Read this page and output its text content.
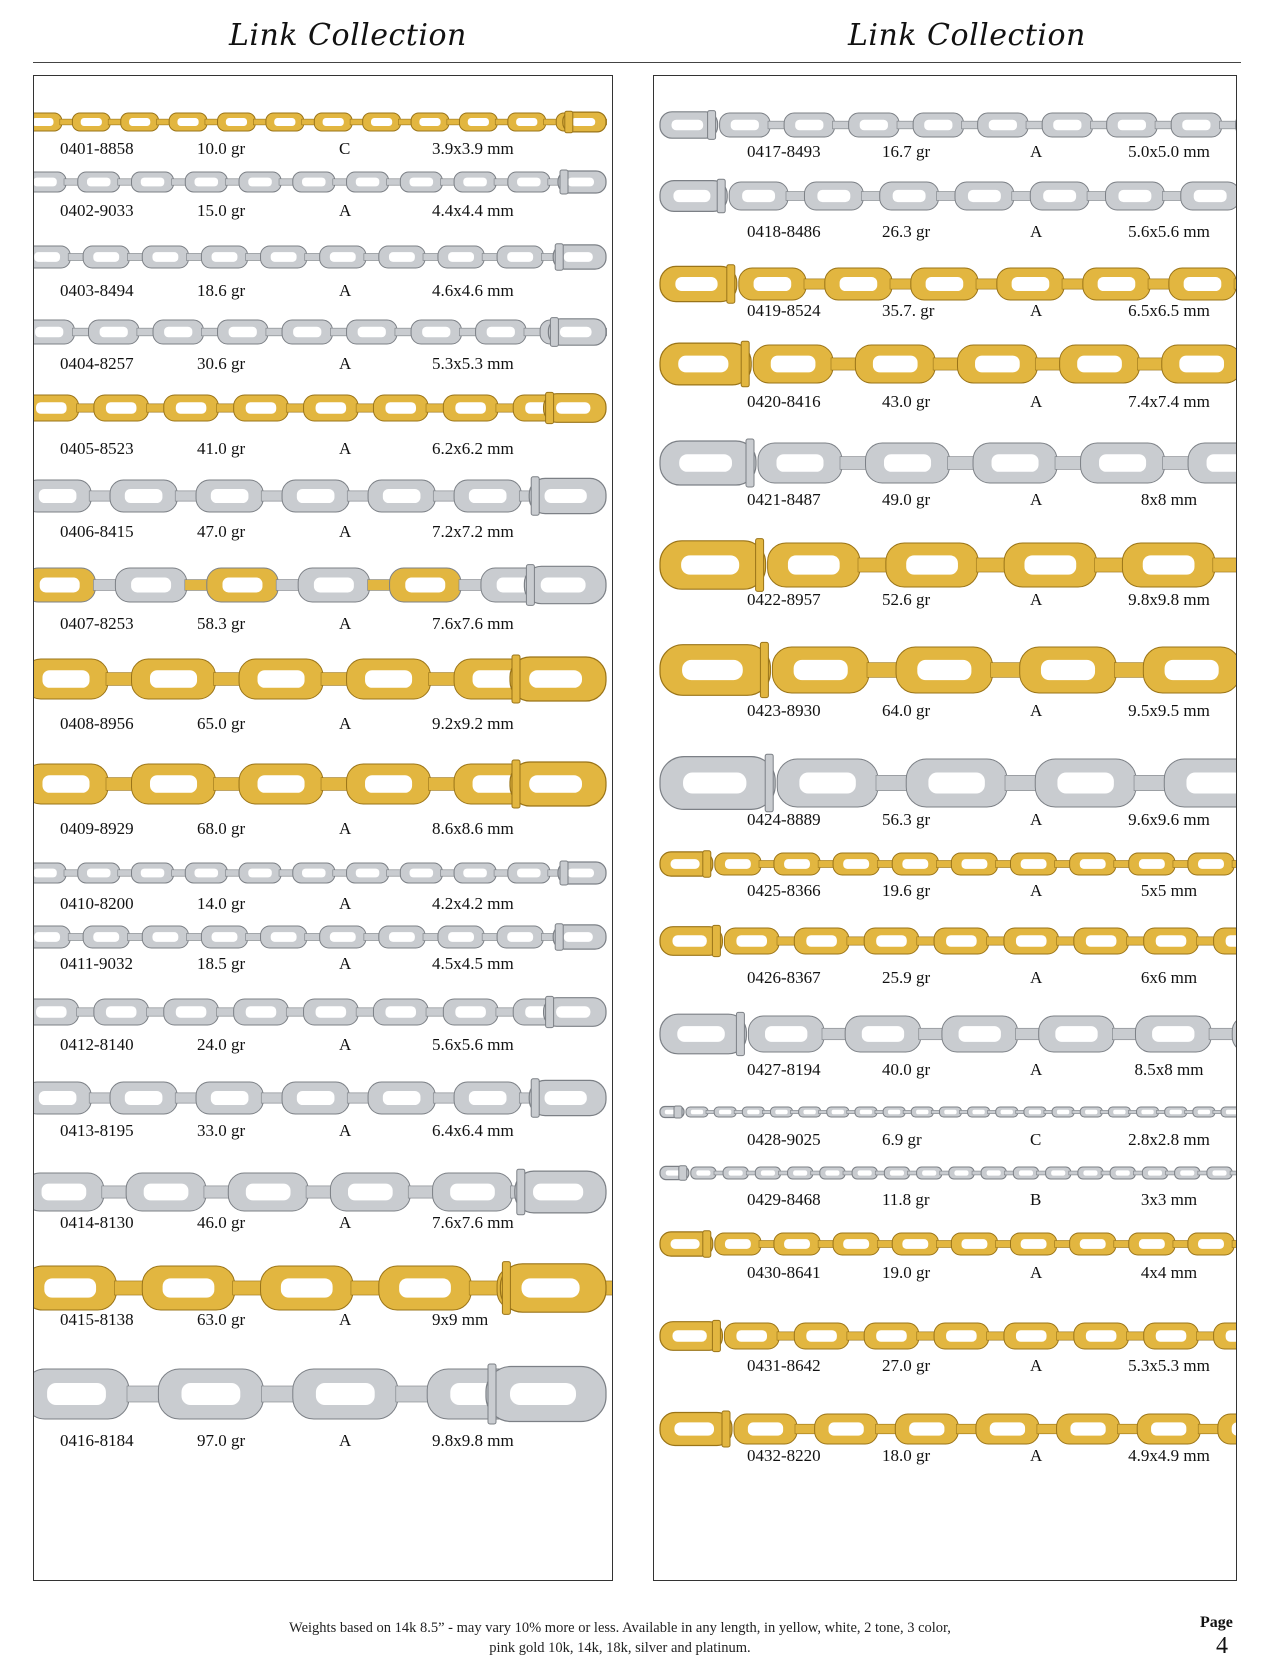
Link Collection	Link Collection
0401-8858	10.0 gr	C	3.9x3.9 mm
0402-9033	15.0 gr	A	4.4x4.4 mm
0403-8494	18.6 gr	A	4.6x4.6 mm
0404-8257	30.6 gr	A	5.3x5.3 mm
0405-8523	41.0 gr	A	6.2x6.2 mm
0406-8415	47.0 gr	A	7.2x7.2 mm
0407-8253	58.3 gr	A	7.6x7.6 mm
0408-8956	65.0 gr	A	9.2x9.2 mm
0409-8929	68.0 gr	A	8.6x8.6 mm
0410-8200	14.0 gr	A	4.2x4.2 mm
0411-9032	18.5 gr	A	4.5x4.5 mm
0412-8140	24.0 gr	A	5.6x5.6 mm
0413-8195	33.0 gr	A	6.4x6.4 mm
0414-8130	46.0 gr	A	7.6x7.6 mm
0415-8138	63.0 gr	A	9x9 mm
0416-8184	97.0 gr	A	9.8x9.8 mm
0417-8493	16.7 gr	A	5.0x5.0 mm
0418-8486	26.3 gr	A	5.6x5.6 mm
0419-8524	35.7. gr	A	6.5x6.5 mm
0420-8416	43.0 gr	A	7.4x7.4 mm
0421-8487	49.0 gr	A	8x8 mm
0422-8957	52.6 gr	A	9.8x9.8 mm
0423-8930	64.0 gr	A	9.5x9.5 mm
0424-8889	56.3 gr	A	9.6x9.6 mm
0425-8366	19.6 gr	A	5x5 mm
0426-8367	25.9 gr	A	6x6 mm
0427-8194	40.0 gr	A	8.5x8 mm
0428-9025	6.9 gr	C	2.8x2.8 mm
0429-8468	11.8 gr	B	3x3 mm
0430-8641	19.0 gr	A	4x4 mm
0431-8642	27.0 gr	A	5.3x5.3 mm
0432-8220	18.0 gr	A	4.9x4.9 mm
Weights based on 14k 8.5” - may vary 10% more or less. Available in any length, in yellow, white, 2 tone, 3 color,
pink gold 10k, 14k, 18k, silver and platinum.
Page
4
